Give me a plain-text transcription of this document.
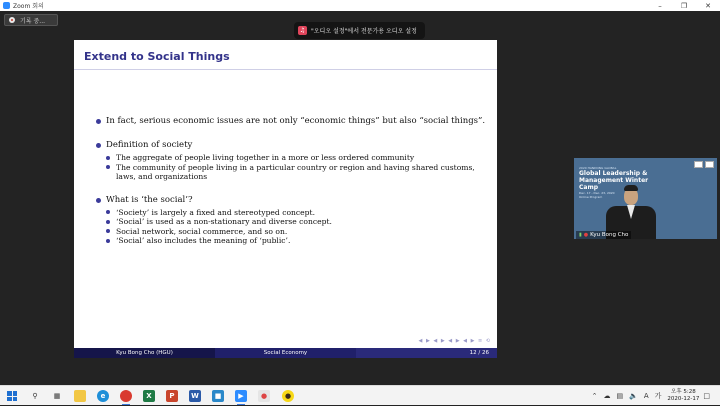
Zoom 회의	–	❐	✕
기록 중...
♫ "오디오 설정"에서 전문가용 오디오 설정
Extend to Social Things
In fact, serious economic issues are not only “economic things” but also “social things”.
Definition of society
The aggregate of people living together in a more or less ordered community
The community of people living in a particular country or region and having shared customs, laws, and organizations
What is ‘the social’?
‘Society’ is largely a fixed and stereotyped concept.
‘Social’ is used as a non-stationary and diverse concept.
Social network, social commerce, and so on.
‘Social’ also includes the meaning of ‘public’.
◀ ▶ ◀ ▶ ◀ ▶ ◀ ▶ ≡ ⟲
Kyu Bong Cho (HGU)	Social Economy	12 / 26
2020 HANDONG GLOBAL
Global Leadership & Management Winter Camp
Dec. 17 - Dec. 23, 2020
Online Program
▮ ● Kyu Bong Cho
⚲	▦	e	X	P	W	■	▶	●	●	⌃ ☁ ▤ 🔈 A 가	오후 5:28
2020-12-17 □
